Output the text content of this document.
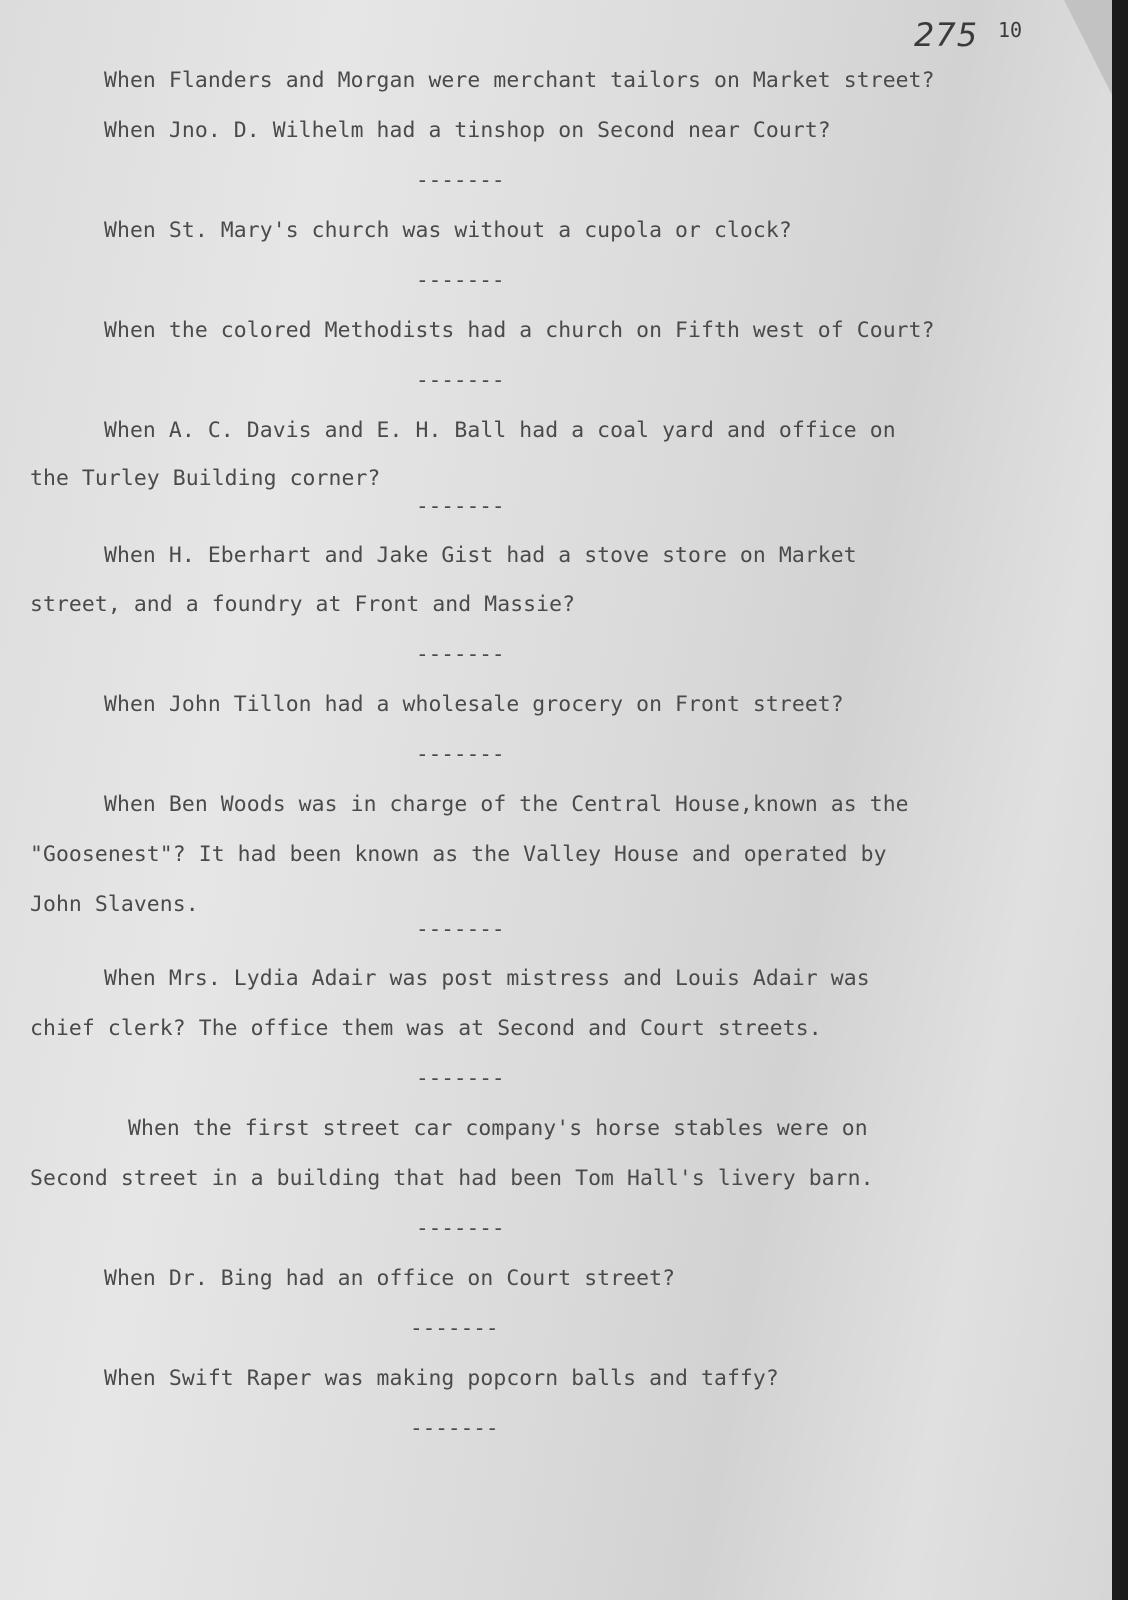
275 10
When Flanders and Morgan were merchant tailors on Market street?
When Jno. D. Wilhelm had a tinshop on Second near Court?
-------
When St. Mary's church was without a cupola or clock?
-------
When the colored Methodists had a church on Fifth west of Court?
-------
When A. C. Davis and E. H. Ball had a coal yard and office on
the Turley Building corner?
-------
When H. Eberhart and Jake Gist had a stove store on Market
street, and a foundry at Front and Massie?
-------
When John Tillon had a wholesale grocery on Front street?
-------
When Ben Woods was in charge of the Central House,known as the
"Goosenest"? It had been known as the Valley House and operated by
John Slavens.
-------
When Mrs. Lydia Adair was post mistress and Louis Adair was
chief clerk? The office them was at Second and Court streets.
-------
When the first street car company's horse stables were on
Second street in a building that had been Tom Hall's livery barn.
-------
When Dr. Bing had an office on Court street?
-------
When Swift Raper was making popcorn balls and taffy?
-------
